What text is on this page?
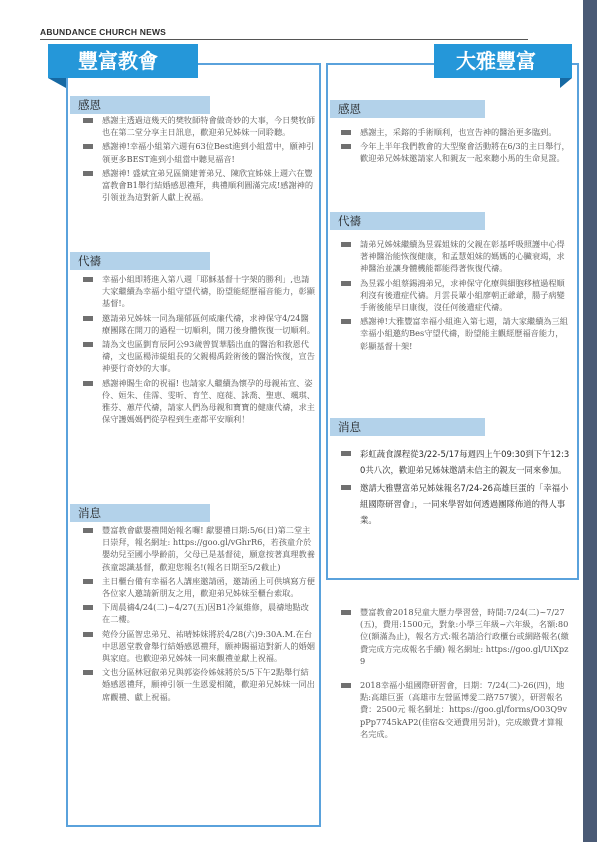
ABUNDANCE CHURCH NEWS
豐富教會
感恩
感謝主透過這幾天的樊牧師特會做奇妙的大事，今日樊牧師也在第二堂分享主日訊息，歡迎弟兄姊妹一同聆聽。
感謝神!幸福小組第六週有63位Best進到小組當中，願神引領更多BEST進到小組當中聽見福音!
感謝神! 盛斌宜弟兄區簡建菁弟兄、陳欣宜姊妹上週六在豐富教會B1舉行結婚感恩禮拜，典禮順利圓滿完成!感謝神的引領並為這對新人獻上祝福。
代禱
幸福小組即將進入第八週「耶穌基督十字架的勝利」,也請大家繼續為幸福小組守望代禱，盼望能經歷福音能力，彰顯基督!。
邀請弟兄姊妹一同為瑞郁區何威廉代禱，求神保守4/24醫療團隊在開刀的過程一切順利，開刀後身體恢復一切順利。
請為文也區劉育辰阿公93歲曾賀華腦出血的醫治和救恩代禱，文也區楊沛緹組長的父親楊禹銓術後的醫治恢復，宣告神要行奇妙的大事。
感謝神賜生命的祝福! 也請家人繼續為懷孕的母親祐宣、姿伶、姮朱、佳霈、雯昕、育笁、庭蓰、詠喬、聖恵、颯琪、雅芬、蕙芹代禱，請家人們為母親和寶寶的健康代禱，求主保守護媽媽們從孕程到生產都平安順利！
消息
豐富教會獻嬰禮開始報名囉! 獻嬰禮日期:5/6(日)第二堂主日崇拜，報名網址: https://goo.gl/vGhrR6，若孩童介於嬰幼兒至國小學齡前，父母已是基督徒，願意按著真理教養孩童認識基督，歡迎您報名!(報名日期至5/2截止)
主日櫃台備有幸福名人講座邀請函，邀請函上可供填寫方便各位家人邀請新朋友之用，歡迎弟兄姊妹至櫃台索取。
下周晨禱4/24(二)~4/27(五)因B1冷氣維修，晨禱地點改在二樓。
菀伶分區智忠弟兄、祐晴姊妹將於4/28(六)9:30A.M.在台中思恩堂教會舉行結婚感恩禮拜，願神賜福這對新人的婚姻與家庭。也歡迎弟兄姊妹一同來觀禮並獻上祝福。
文也分區林冠叡弟兄與郭姿伶姊妹將於5/5下午2點舉行結婚感恩禮拜，願神引領一生恩愛相隨，歡迎弟兄姊妹一同出席觀禮、獻上祝福。
大雅豐富
感恩
感謝主，采鎔的手術順利，也宣告神的醫治更多臨到。
今年上半年我們教會的大型聚會活動將在6/3的主日舉行，歡迎弟兄姊妹邀請家人和親友一起來聽小馬的生命見證。
代禱
請弟兄姊妹繼續為昱霖姐妹的父親在彰基呼吸照護中心得著神醫治能恢復健康，和孟慧姐妹的媽媽的心臟衰竭，求神醫治並讓身體機能都能得著恢復代禱。
為昱霖小組蔡錫鴻弟兄，求神保守化療與細胞移植過程順利沒有後遺症代禱。月雲長輩小組廖朝正爺爺，腸子病變手術後能早日康復，沒任何後遺症代禱。
感謝神!大雅豐富幸福小組進入第七週，請大家繼續為三組幸福小組邀約Bes守望代禱，盼望能主觀經歷福音能力，彰顯基督十架!
消息
彩虹蔬食課程從3/22-5/17每週四上午09:30到下午12:30共八次，歡迎弟兄姊妹邀請未信主的親友一同來參加。
邀請大雅豐富弟兄姊妹報名7/24-26高雄巨蛋的「幸福小組國際研習會」，一同來學習如何透過團隊佈道的得人事業。
豐富教會2018兒童大歷力學習營，時間:7/24(二)~7/27(五)，費用:1500元，對象:小學三年級~六年級，名額:80位(額滿為止)，報名方式:報名請洽行政櫃台或網路報名(繳費完成方完成報名手續) 報名網址: https://goo.gl/UiXpz9
2018幸福小組國際研習會，日期：7/24(二)-26(四)，地點:高雄巨蛋（高雄市左營區博愛二路757號），研習報名費：2500元 報名網址：https://goo.gl/forms/O03Q9vpPp7745kAP2(佳宿&交通費用另計)，完成繳費才算報名完成。
